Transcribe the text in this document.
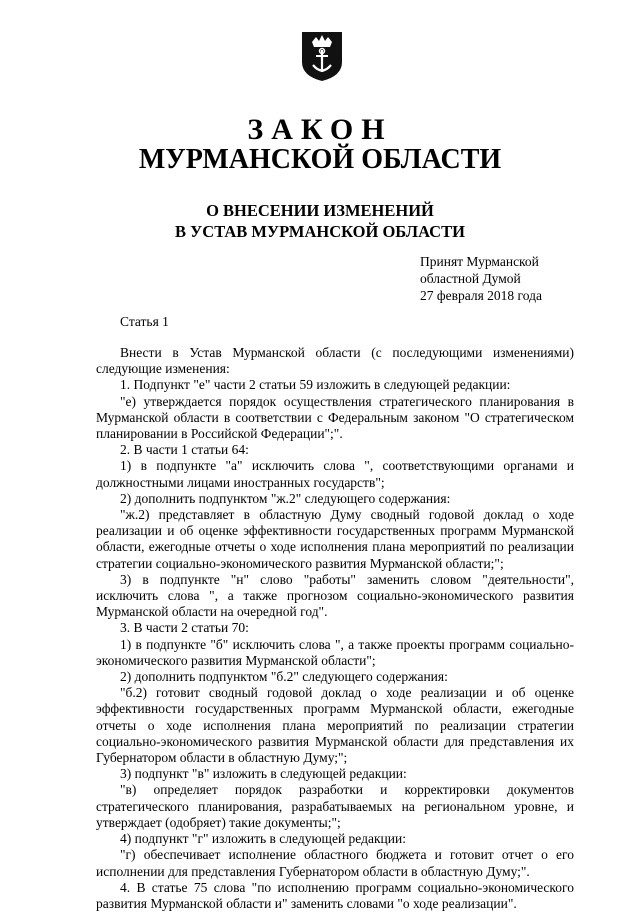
ЗАКОН
МУРМАНСКОЙ ОБЛАСТИ
О ВНЕСЕНИИ ИЗМЕНЕНИЙ
В УСТАВ МУРМАНСКОЙ ОБЛАСТИ
Принят Мурманской
областной Думой
27 февраля 2018 года
Статья 1

Внести в Устав Мурманской области (с последующими изменениями) следующие изменения:

1. Подпункт "е" части 2 статьи 59 изложить в следующей редакции:

"е) утверждается порядок осуществления стратегического планирования в Мурманской области в соответствии с Федеральным законом "О стратегическом планировании в Российской Федерации";".

2. В части 1 статьи 64:

1) в подпункте "а" исключить слова ", соответствующими органами и должностными лицами иностранных государств";

2) дополнить подпунктом "ж.2" следующего содержания:

"ж.2) представляет в областную Думу сводный годовой доклад о ходе реализации и об оценке эффективности государственных программ Мурманской области, ежегодные отчеты о ходе исполнения плана мероприятий по реализации стратегии социально-экономического развития Мурманской области;";

3) в подпункте "н" слово "работы" заменить словом "деятельности", исключить слова ", а также прогнозом социально-экономического развития Мурманской области на очередной год".

3. В части 2 статьи 70:

1) в подпункте "б" исключить слова ", а также проекты программ социально-экономического развития Мурманской области";

2) дополнить подпунктом "б.2" следующего содержания:

"б.2) готовит сводный годовой доклад о ходе реализации и об оценке эффективности государственных программ Мурманской области, ежегодные отчеты о ходе исполнения плана мероприятий по реализации стратегии социально-экономического развития Мурманской области для представления их Губернатором области в областную Думу;";

3) подпункт "в" изложить в следующей редакции:

"в) определяет порядок разработки и корректировки документов стратегического планирования, разрабатываемых на региональном уровне, и утверждает (одобряет) такие документы;";

4) подпункт "г" изложить в следующей редакции:

"г) обеспечивает исполнение областного бюджета и готовит отчет о его исполнении для представления Губернатором области в областную Думу;".

4. В статье 75 слова "по исполнению программ социально-экономического развития Мурманской области и" заменить словами "о ходе реализации".
